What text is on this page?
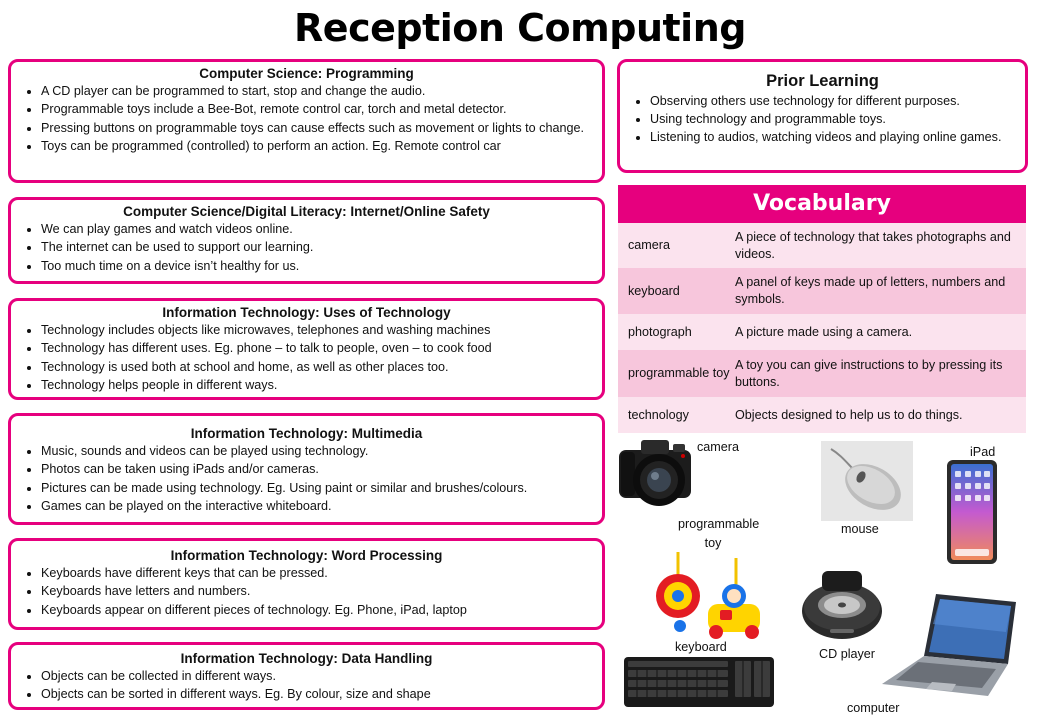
Reception Computing
Computer Science: Programming
• A CD player can be programmed to start, stop and change the audio.
• Programmable toys include a Bee-Bot, remote control car, torch and metal detector.
• Pressing buttons on programmable toys can cause effects such as movement or lights to change.
• Toys can be programmed (controlled) to perform an action. Eg. Remote control car
Computer Science/Digital Literacy: Internet/Online Safety
• We can play games and watch videos online.
• The internet can be used to support our learning.
• Too much time on a device isn’t healthy for us.
Information Technology: Uses of Technology
• Technology includes objects like microwaves, telephones and washing machines
• Technology has different uses. Eg. phone – to talk to people, oven – to cook food
• Technology is used both at school and home, as well as other places too.
• Technology helps people in different ways.
Information Technology: Multimedia
• Music, sounds and videos can be played using technology.
• Photos can be taken using iPads and/or cameras.
• Pictures can be made using technology. Eg. Using paint or similar and brushes/colours.
• Games can be played on the interactive whiteboard.
Information Technology: Word Processing
• Keyboards have different keys that can be pressed.
• Keyboards have letters and numbers.
• Keyboards appear on different pieces of technology. Eg. Phone, iPad, laptop
Information Technology: Data Handling
• Objects can be collected in different ways.
• Objects can be sorted in different ways. Eg. By colour, size and shape
Prior Learning
• Observing others use technology for different purposes.
• Using technology and programmable toys.
• Listening to audios, watching videos and playing online games.
Vocabulary
camera
A piece of technology that takes photographs and videos.
keyboard
A panel of keys made up of letters, numbers and symbols.
photograph	A picture made using a camera.
programmable toy
A toy you can give instructions to by pressing its buttons.
technology	Objects designed to help us to do things.
camera
mouse
iPad
programmable toy
CD player
keyboard
computer
